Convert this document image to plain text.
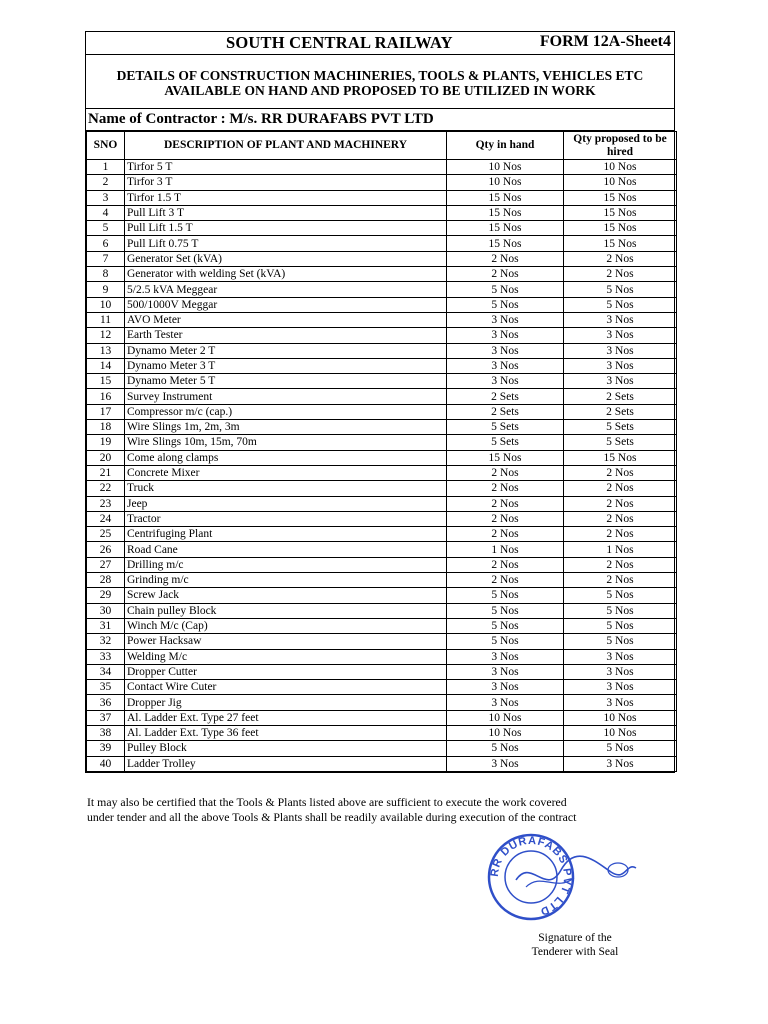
SOUTH CENTRAL RAILWAY	FORM 12A-Sheet4
DETAILS OF CONSTRUCTION MACHINERIES, TOOLS & PLANTS, VEHICLES ETC
AVAILABLE ON HAND AND PROPOSED TO BE UTILIZED IN WORK
Name of Contractor : M/s. RR DURAFABS PVT LTD
SNO	DESCRIPTION OF PLANT AND MACHINERY	Qty in hand	Qty proposed to be hired
1	Tirfor 5 T	10 Nos	10 Nos
2	Tirfor 3 T	10 Nos	10 Nos
3	Tirfor 1.5 T	15 Nos	15 Nos
4	Pull Lift 3 T	15 Nos	15 Nos
5	Pull Lift 1.5 T	15 Nos	15 Nos
6	Pull Lift 0.75 T	15 Nos	15 Nos
7	Generator Set (kVA)	2 Nos	2 Nos
8	Generator with welding Set (kVA)	2 Nos	2 Nos
9	5/2.5 kVA Meggear	5 Nos	5 Nos
10	500/1000V Meggar	5 Nos	5 Nos
11	AVO Meter	3 Nos	3 Nos
12	Earth Tester	3 Nos	3 Nos
13	Dynamo Meter 2 T	3 Nos	3 Nos
14	Dynamo Meter 3 T	3 Nos	3 Nos
15	Dynamo Meter 5 T	3 Nos	3 Nos
16	Survey Instrument	2 Sets	2 Sets
17	Compressor m/c (cap.)	2 Sets	2 Sets
18	Wire Slings 1m, 2m, 3m	5 Sets	5 Sets
19	Wire Slings 10m, 15m, 70m	5 Sets	5 Sets
20	Come along clamps	15 Nos	15 Nos
21	Concrete Mixer	2 Nos	2 Nos
22	Truck	2 Nos	2 Nos
23	Jeep	2 Nos	2 Nos
24	Tractor	2 Nos	2 Nos
25	Centrifuging Plant	2 Nos	2 Nos
26	Road Cane	1 Nos	1 Nos
27	Drilling m/c	2 Nos	2 Nos
28	Grinding m/c	2 Nos	2 Nos
29	Screw Jack	5 Nos	5 Nos
30	Chain pulley Block	5 Nos	5 Nos
31	Winch M/c (Cap)	5 Nos	5 Nos
32	Power Hacksaw	5 Nos	5 Nos
33	Welding M/c	3 Nos	3 Nos
34	Dropper Cutter	3 Nos	3 Nos
35	Contact Wire Cuter	3 Nos	3 Nos
36	Dropper Jig	3 Nos	3 Nos
37	Al. Ladder Ext. Type 27 feet	10 Nos	10 Nos
38	Al. Ladder Ext. Type 36 feet	10 Nos	10 Nos
39	Pulley Block	5 Nos	5 Nos
40	Ladder Trolley	3 Nos	3 Nos
It may also be certified that the Tools & Plants listed above are sufficient to execute the work covered
under tender and all the above Tools & Plants shall be readily available during execution of the contract
RR DURAFABS PVT LTD
Signature of the
Tenderer with Seal
